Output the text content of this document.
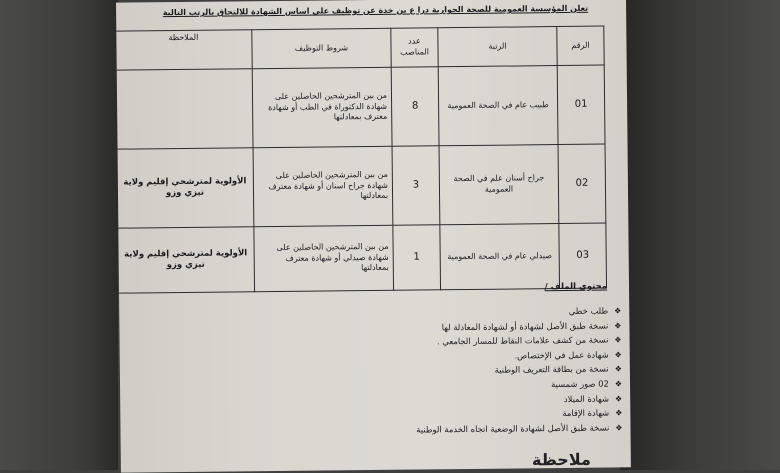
تعلن المؤسسة العمومية للصحة الجوارية درا ع بن خدة عن توظيف على اساس الشهادة للالتحاق بالرتب التالية
الرقم	الرتبة	عدد المناصب	شروط التوظيف	الملاحظة
01	طبيب عام في الصحة العمومية	8	من بين المترشحين الحاصلين على شهادة الدكتوراة في الطب أو شهادة معترف بمعادلتها	
02	جراح أسنان علم في الصحة العمومية	3	من بين المترشحين الحاصلين على شهادة جراح اسنان أو شهادة معترف بمعادلتها	الأولوية لمترشحي إقليم ولاية تيزي وزو
03	صيدلي عام في الصحة العمومية	1	من بين المترشحين الحاصلين على شهادة صيدلي أو شهادة معترف بمعادلتها	الأولوية لمترشحي إقليم ولاية تيزي وزو
محتوى الملف /
❖طلب خطي
❖نسخة طبق الأصل لشهادة أو لشهادة المعادلة لها
❖نسخة من كشف علامات النقاط للمسار الجامعي .
❖شهادة عمل في الإختصاص.
❖نسخة من بطاقة التعريف الوطنية
❖02 صور شمسية
❖شهادة الميلاد
❖شهادة الإقامة
❖نسخة طبق الأصل لشهادة الوضعية اتجاه الخدمة الوطنية
ملاحظة
